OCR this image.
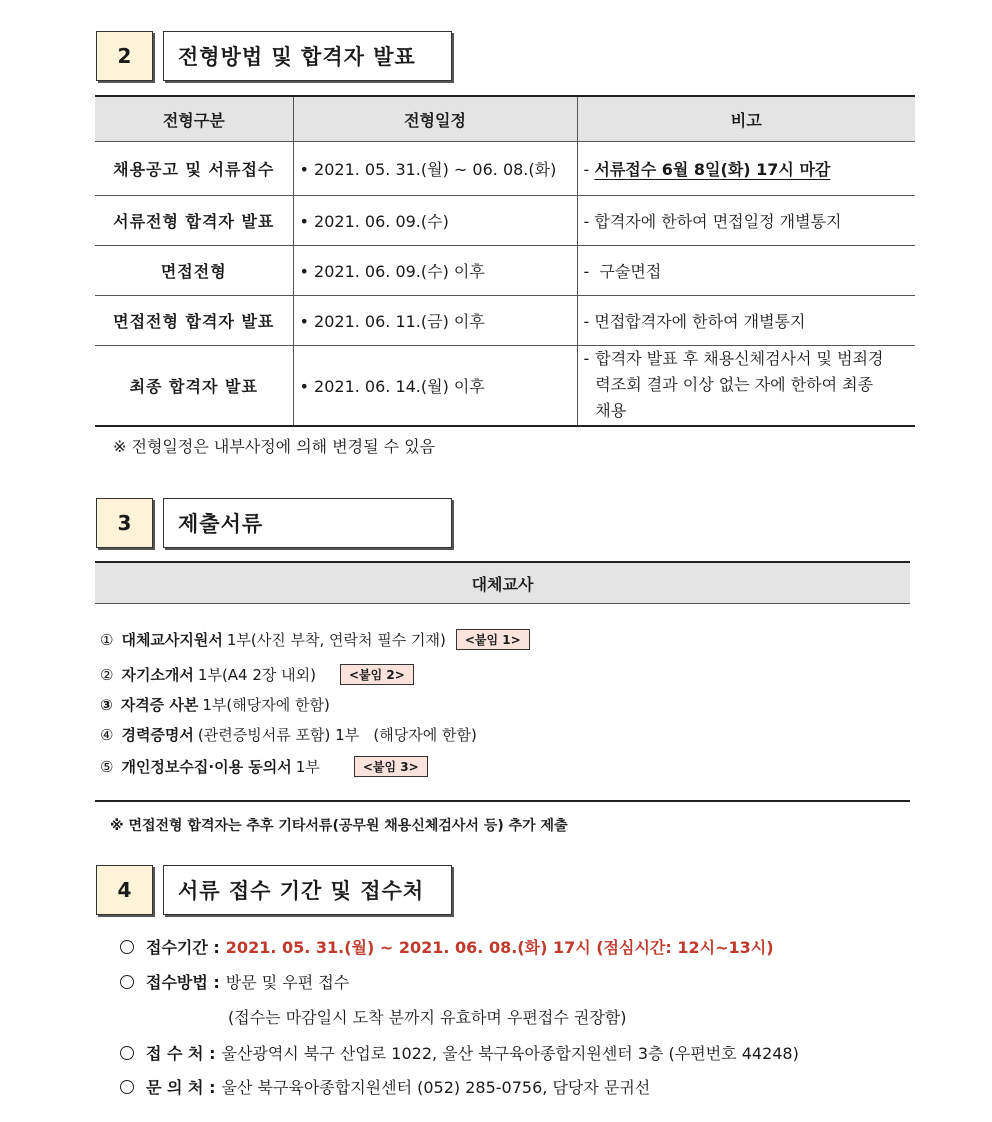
2	전형방법 및 합격자 발표
전형구분	전형일정	비고
채용공고 및 서류접수	• 2021. 05. 31.(월) ~ 06. 08.(화)	- 서류접수 6월 8일(화) 17시 마감
서류전형 합격자 발표	• 2021. 06. 09.(수)	- 합격자에 한하여 면접일정 개별통지
면접전형	• 2021. 06. 09.(수) 이후	-  구술면접
면접전형 합격자 발표	• 2021. 06. 11.(금) 이후	- 면접합격자에 한하여 개별통지
최종 합격자 발표	• 2021. 06. 14.(월) 이후	- 합격자 발표 후 채용신체검사서 및 범죄경력조회 결과 이상 없는 자에 한하여 최종 채용
※ 전형일정은 내부사정에 의해 변경될 수 있음
3	제출서류
대체교사
① 대체교사지원서 1부(사진 부착, 연락처 필수 기재)	<붙임 1>
② 자기소개서 1부(A4 2장 내외)	<붙임 2>
③ 자격증 사본 1부(해당자에 한함)
④ 경력증명서 (관련증빙서류 포함) 1부   (해당자에 한함)
⑤ 개인정보수집·이용 동의서 1부	<붙임 3>
※ 면접전형 합격자는 추후 기타서류(공무원 채용신체검사서 등) 추가 제출
4	서류 접수 기간 및 접수처
접수기간 : 2021. 05. 31.(월) ~ 2021. 06. 08.(화) 17시 (점심시간: 12시~13시)
접수방법 : 방문 및 우편 접수
(접수는 마감일시 도착 분까지 유효하며 우편접수 권장함)
접 수 처 : 울산광역시 북구 산업로 1022, 울산 북구육아종합지원센터 3층 (우편번호 44248)
문 의 처 : 울산 북구육아종합지원센터 (052) 285-0756, 담당자 문귀선
